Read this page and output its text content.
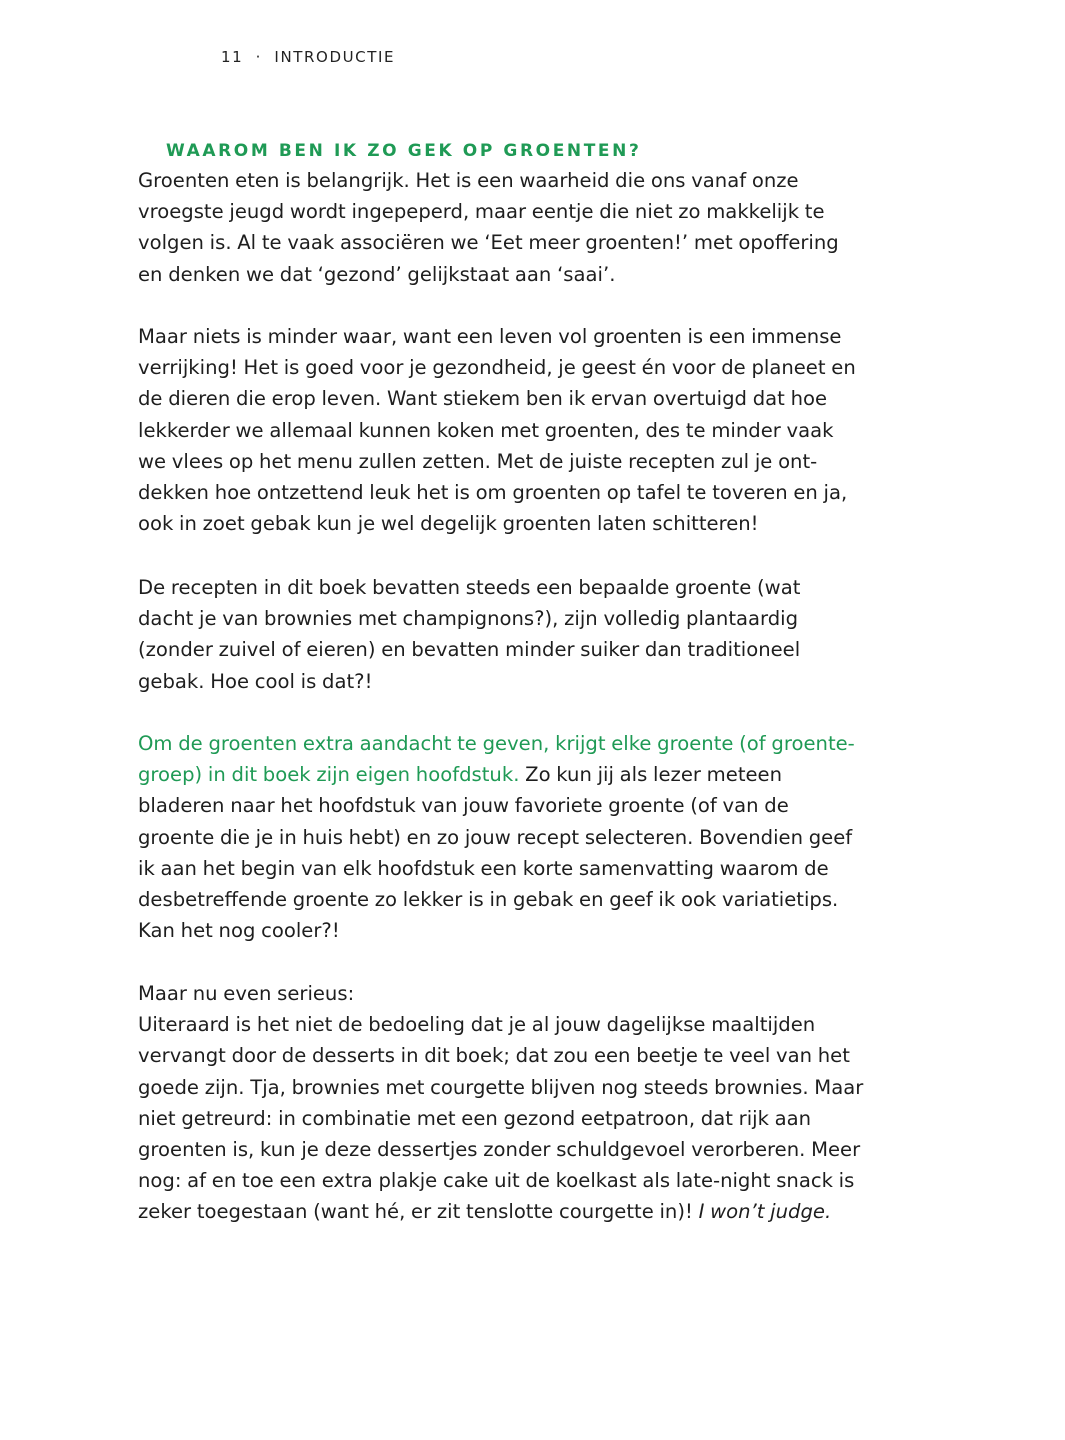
11 · INTRODUCTIE
WAAROM BEN IK ZO GEK OP GROENTEN?
Groenten eten is belangrijk. Het is een waarheid die ons vanaf onze
vroegste jeugd wordt ingepeperd, maar eentje die niet zo makkelijk te
volgen is. Al te vaak associëren we ‘Eet meer groenten!’ met opoffering
en denken we dat ‘gezond’ gelijkstaat aan ‘saai’.
Maar niets is minder waar, want een leven vol groenten is een immense
verrijking! Het is goed voor je gezondheid, je geest én voor de planeet en
de dieren die erop leven. Want stiekem ben ik ervan overtuigd dat hoe
lekkerder we allemaal kunnen koken met groenten, des te minder vaak
we vlees op het menu zullen zetten. Met de juiste recepten zul je ont-
dekken hoe ontzettend leuk het is om groenten op tafel te toveren en ja,
ook in zoet gebak kun je wel degelijk groenten laten schitteren!
De recepten in dit boek bevatten steeds een bepaalde groente (wat
dacht je van brownies met champignons?), zijn volledig plantaardig
(zonder zuivel of eieren) en bevatten minder suiker dan traditioneel
gebak. Hoe cool is dat?!
Om de groenten extra aandacht te geven, krijgt elke groente (of groente-
groep) in dit boek zijn eigen hoofdstuk. Zo kun jij als lezer meteen
bladeren naar het hoofdstuk van jouw favoriete groente (of van de
groente die je in huis hebt) en zo jouw recept selecteren. Bovendien geef
ik aan het begin van elk hoofdstuk een korte samenvatting waarom de
desbetreffende groente zo lekker is in gebak en geef ik ook variatietips.
Kan het nog cooler?!
Maar nu even serieus:
Uiteraard is het niet de bedoeling dat je al jouw dagelijkse maaltijden
vervangt door de desserts in dit boek; dat zou een beetje te veel van het
goede zijn. Tja, brownies met courgette blijven nog steeds brownies. Maar
niet getreurd: in combinatie met een gezond eetpatroon, dat rijk aan
groenten is, kun je deze dessertjes zonder schuldgevoel verorberen. Meer
nog: af en toe een extra plakje cake uit de koelkast als late-night snack is
zeker toegestaan (want hé, er zit tenslotte courgette in)! I won’t judge.
